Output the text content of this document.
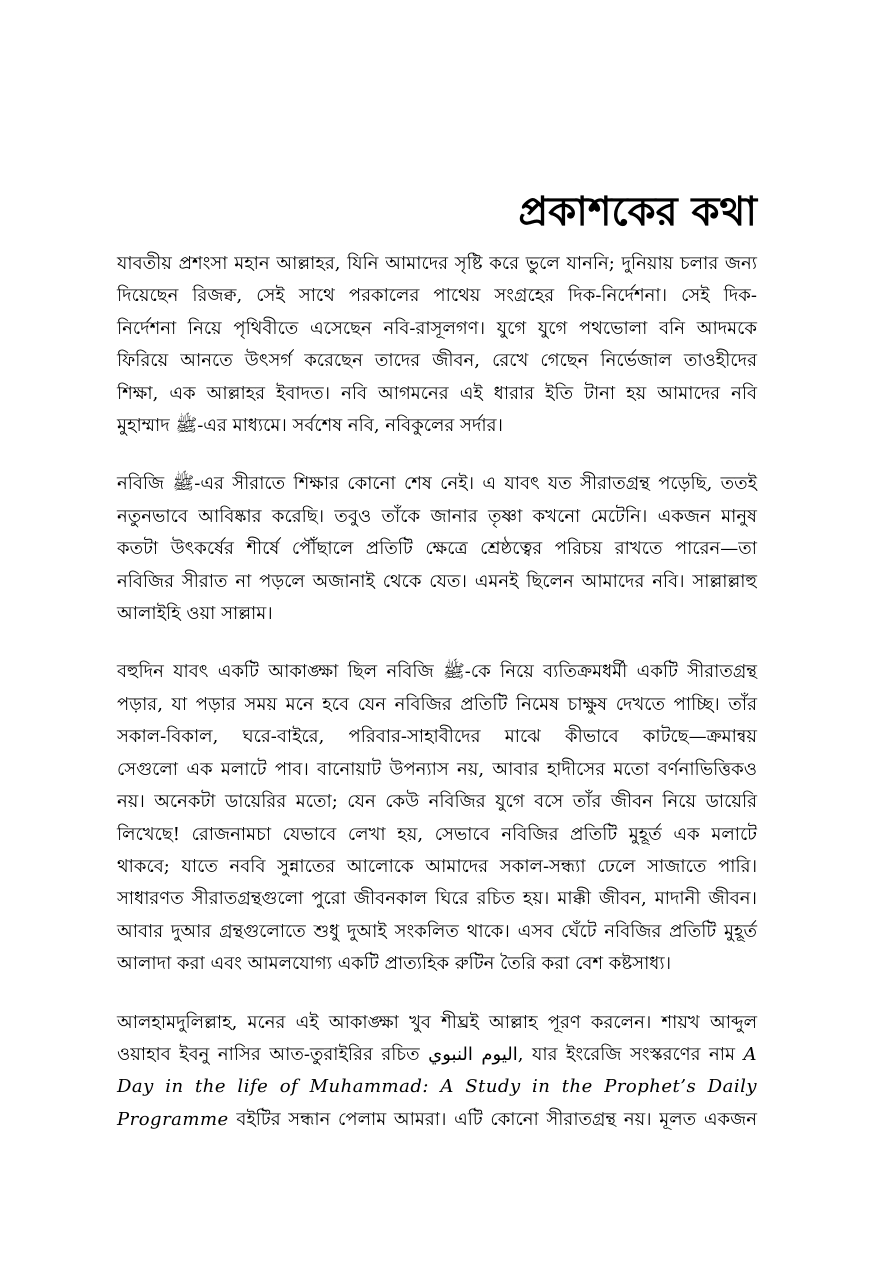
প্রকাশকের কথা
যাবতীয় প্রশংসা মহান আল্লাহর, যিনি আমাদের সৃষ্টি করে ভুলে যাননি; দুনিয়ায় চলার জন্য
দিয়েছেন রিজক্ব, সেই সাথে পরকালের পাথেয় সংগ্রহের দিক-নির্দেশনা। সেই দিক-
নির্দেশনা নিয়ে পৃথিবীতে এসেছেন নবি-রাসূলগণ। যুগে যুগে পথভোলা বনি আদমকে
ফিরিয়ে আনতে উৎসর্গ করেছেন তাদের জীবন, রেখে গেছেন নির্ভেজাল তাওহীদের
শিক্ষা, এক আল্লাহর ইবাদত। নবি আগমনের এই ধারার ইতি টানা হয় আমাদের নবি
মুহাম্মাদ ﷺ-এর মাধ্যমে। সর্বশেষ নবি, নবিকুলের সর্দার।
নবিজি ﷺ-এর সীরাতে শিক্ষার কোনো শেষ নেই। এ যাবৎ যত সীরাতগ্রন্থ পড়েছি, ততই
নতুনভাবে আবিষ্কার করেছি। তবুও তাঁকে জানার তৃষ্ণা কখনো মেটেনি। একজন মানুষ
কতটা উৎকর্ষের শীর্ষে পৌঁছালে প্রতিটি ক্ষেত্রে শ্রেষ্ঠত্বের পরিচয় রাখতে পারেন—তা
নবিজির সীরাত না পড়লে অজানাই থেকে যেত। এমনই ছিলেন আমাদের নবি। সাল্লাল্লাহু
আলাইহি ওয়া সাল্লাম।
বহুদিন যাবৎ একটি আকাঙ্ক্ষা ছিল নবিজি ﷺ-কে নিয়ে ব্যতিক্রমধর্মী একটি সীরাতগ্রন্থ
পড়ার, যা পড়ার সময় মনে হবে যেন নবিজির প্রতিটি নিমেষ চাক্ষুষ দেখতে পাচ্ছি। তাঁর
সকাল-বিকাল, ঘরে-বাইরে, পরিবার-সাহাবীদের মাঝে কীভাবে কাটছে—ক্রমান্বয়
সেগুলো এক মলাটে পাব। বানোয়াট উপন্যাস নয়, আবার হাদীসের মতো বর্ণনাভিত্তিকও
নয়। অনেকটা ডায়েরির মতো; যেন কেউ নবিজির যুগে বসে তাঁর জীবন নিয়ে ডায়েরি
লিখেছে! রোজনামচা যেভাবে লেখা হয়, সেভাবে নবিজির প্রতিটি মুহূর্ত এক মলাটে
থাকবে; যাতে নববি সুন্নাতের আলোকে আমাদের সকাল-সন্ধ্যা ঢেলে সাজাতে পারি।
সাধারণত সীরাতগ্রন্থগুলো পুরো জীবনকাল ঘিরে রচিত হয়। মাক্কী জীবন, মাদানী জীবন।
আবার দুআর গ্রন্থগুলোতে শুধু দুআই সংকলিত থাকে। এসব ঘেঁটে নবিজির প্রতিটি মুহূর্ত
আলাদা করা এবং আমলযোগ্য একটি প্রাত্যহিক রুটিন তৈরি করা বেশ কষ্টসাধ্য।
আলহামদুলিল্লাহ, মনের এই আকাঙ্ক্ষা খুব শীঘ্রই আল্লাহ পূরণ করলেন। শায়খ আব্দুল
ওয়াহাব ইবনু নাসির আত-তুরাইরির রচিত اليوم النبوي, যার ইংরেজি সংস্করণের নাম A
Day in the life of Muhammad: A Study in the Prophet’s Daily
Programme বইটির সন্ধান পেলাম আমরা। এটি কোনো সীরাতগ্রন্থ নয়। মূলত একজন
